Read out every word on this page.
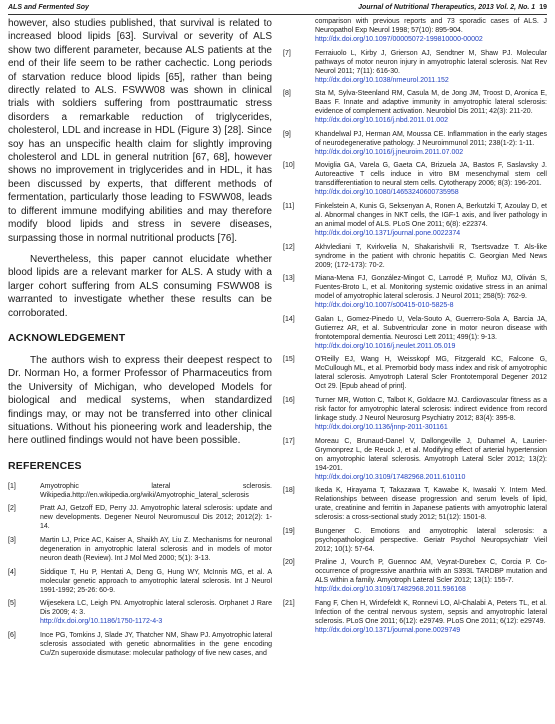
ALS and Fermented Soy	Journal of Nutritional Therapeutics, 2013 Vol. 2, No. 1 19

however, also studies published, that survival is related to increased blood lipids [63]. Survival or severity of ALS show two different parameter, because ALS patients at the end of their life seem to be rather cachectic. Long periods of starvation reduce blood lipids [65], rather than being directly related to ALS. FSWW08 was shown in clinical trials with soldiers suffering from posttraumatic stress disorders a remarkable reduction of triglycerides, cholesterol, LDL and increase in HDL (Figure 3) [28]. Since soy has an unspecific health claim for slightly improving cholesterol and LDL in general nutrition [67, 68], however shows no improvement in triglycerides and in HDL, it has been discussed by experts, that different methods of fermentation, particularly those leading to FSWW08, leads to different immune modifying abilities and may therefore modify blood lipids and stress in severe diseases, surpassing those in normal nutritional products [76].

Nevertheless, this paper cannot elucidate whether blood lipids are a relevant marker for ALS. A study with a larger cohort suffering from ALS consuming FSWW08 is warranted to investigate whether these results can be corroborated.

ACKNOWLEDGEMENT

The authors wish to express their deepest respect to Dr. Norman Ho, a former Professor of Pharmaceutics from the University of Michigan, who developed Models for biological and medical systems, when standardized findings may, or may not be transferred into other clinical situations. Without his pioneering work and leadership, the here outlined findings would not have been possible.

REFERENCES
[1]	Amyotrophic lateral sclerosis. Wikipedia.http://en.wikipedia.org/wiki/Amyotrophic_lateral_sclerosis
[2]	Pratt AJ, Getzoff ED, Perry JJ. Amyotrophic lateral sclerosis: update and new developments. Degener Neurol Neuromuscul Dis 2012; 2012(2): 1-14.
[3]	Martin LJ, Price AC, Kaiser A, Shaikh AY, Liu Z. Mechanisms for neuronal degeneration in amyotrophic lateral sclerosis and in models of motor neuron death (Review). Int J Mol Med 2000; 5(1): 3-13.
[4]	Siddique T, Hu P, Hentati A, Deng G, Hung WY, McInnis MG, et al. A molecular genetic approach to amyotrophic lateral sclerosis. Int J Neurol 1991-1992; 25-26: 60-9.
[5]	Wijesekera LC, Leigh PN. Amyotrophic lateral sclerosis. Orphanet J Rare Dis 2009; 4: 3.
http://dx.doi.org/10.1186/1750-1172-4-3
[6]	Ince PG, Tomkins J, Slade JY, Thatcher NM, Shaw PJ. Amyotrophic lateral sclerosis associated with genetic abnormalities in the gene encoding Cu/Zn superoxide dismutase: molecular pathology of five new cases, and
comparison with previous reports and 73 sporadic cases of ALS. J Neuropathol Exp Neurol 1998; 57(10): 895-904.
http://dx.doi.org/10.1097/00005072-199810000-00002
[7]	Ferraiuolo L, Kirby J, Grierson AJ, Sendtner M, Shaw PJ. Molecular pathways of motor neuron injury in amyotrophic lateral sclerosis. Nat Rev Neurol 2011; 7(11): 616-30.
http://dx.doi.org/10.1038/nrneurol.2011.152
[8]	Sta M, Sylva-Steenland RM, Casula M, de Jong JM, Troost D, Aronica E, Baas F. Innate and adaptive immunity in amyotrophic lateral sclerosis: evidence of complement activation. Neurobiol Dis 2011; 42(3): 211-20.
http://dx.doi.org/10.1016/j.nbd.2011.01.002
[9]	Khandelwal PJ, Herman AM, Moussa CE. Inflammation in the early stages of neurodegenerative pathology. J Neuroimmunol 2011; 238(1-2): 1-11.
http://dx.doi.org/10.1016/j.jneuroim.2011.07.002
[10]	Moviglia GA, Varela G, Gaeta CA, Brizuela JA, Bastos F, Saslavsky J. Autoreactive T cells induce in vitro BM mesenchymal stem cell transdifferentiation to neural stem cells. Cytotherapy 2006; 8(3): 196-201.
http://dx.doi.org/10.1080/14653240600735958
[11]	Finkelstein A, Kunis G, Seksenyan A, Ronen A, Berkutzki T, Azoulay D, et al. Abnormal changes in NKT cells, the IGF-1 axis, and liver pathology in an animal model of ALS. PLoS One 2011; 6(8): e22374.
http://dx.doi.org/10.1371/journal.pone.0022374
[12]	Akhvlediani T, Kvirkvelia N, Shakarishvili R, Tsertsvadze T. Als-like syndrome in the patient with chronic hepatitis C. Georgian Med News 2009; (172-173): 70-2.
[13]	Miana-Mena FJ, González-Mingot C, Larrodé P, Muñoz MJ, Oliván S, Fuentes-Broto L, et al. Monitoring systemic oxidative stress in an animal model of amyotrophic lateral sclerosis. J Neurol 2011; 258(5): 762-9.
http://dx.doi.org/10.1007/s00415-010-5825-8
[14]	Galan L, Gomez-Pinedo U, Vela-Souto A, Guerrero-Sola A, Barcia JA, Gutierrez AR, et al. Subventricular zone in motor neuron disease with frontotemporal dementia. Neurosci Lett 2011; 499(1): 9-13.
http://dx.doi.org/10.1016/j.neulet.2011.05.019
[15]	O'Reilly EJ, Wang H, Weisskopf MG, Fitzgerald KC, Falcone G, McCullough ML, et al. Premorbid body mass index and risk of amyotrophic lateral sclerosis. Amyotroph Lateral Scler Frontotemporal Degener 2012 Oct 29. [Epub ahead of print].
[16]	Turner MR, Wotton C, Talbot K, Goldacre MJ. Cardiovascular fitness as a risk factor for amyotrophic lateral sclerosis: indirect evidence from record linkage study. J Neurol Neurosurg Psychiatry 2012; 83(4): 395-8.
http://dx.doi.org/10.1136/jnnp-2011-301161
[17]	Moreau C, Brunaud-Danel V, Dallongeville J, Duhamel A, Laurier-Grymonprez L, de Reuck J, et al. Modifying effect of arterial hypertension on amyotrophic lateral sclerosis. Amyotroph Lateral Scler 2012; 13(2): 194-201.
http://dx.doi.org/10.3109/17482968.2011.610110
[18]	Ikeda K, Hirayama T, Takazawa T, Kawabe K, Iwasaki Y. Intern Med. Relationships between disease progression and serum levels of lipid, urate, creatinine and ferritin in Japanese patients with amyotrophic lateral sclerosis: a cross-sectional study 2012; 51(12): 1501-8.
[19]	Bungener C. Emotions and amyotrophic lateral sclerosis: a psychopathological perspective. Geriatr Psychol Neuropsychiatr Vieil 2012; 10(1): 57-64.
[20]	Praline J, Vourc'h P, Guennoc AM, Veyrat-Durebex C, Corcia P. Co-occurrence of progressive anarthria with an S393L TARDBP mutation and ALS within a family. Amyotroph Lateral Scler 2012; 13(1): 155-7.
http://dx.doi.org/10.3109/17482968.2011.596168
[21]	Fang F, Chen H, Wirdefeldt K, Ronnevi LO, Al-Chalabi A, Peters TL, et al. Infection of the central nervous system, sepsis and amyotrophic lateral sclerosis. PLoS One 2011; 6(12): e29749. PLoS One 2011; 6(12): e29749.
http://dx.doi.org/10.1371/journal.pone.0029749
